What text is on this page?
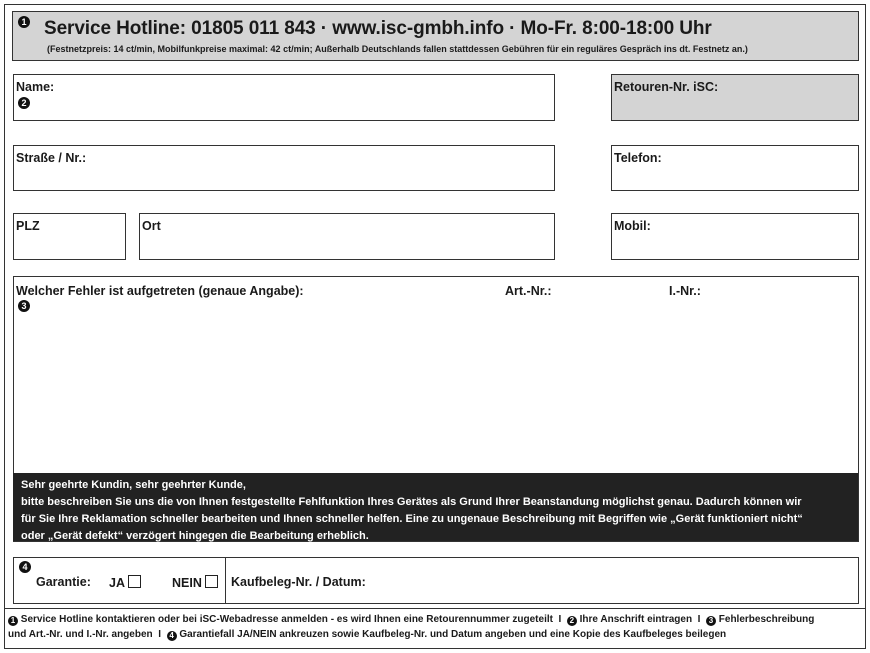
1 Service Hotline: 01805 011 843 · www.isc-gmbh.info · Mo-Fr. 8:00-18:00 Uhr
(Festnetzpreis: 14 ct/min, Mobilfunkpreise maximal: 42 ct/min; Außerhalb Deutschlands fallen stattdessen Gebühren für ein reguläres Gespräch ins dt. Festnetz an.)
Name:
2
Retouren-Nr. iSC:
Straße / Nr.:	Telefon:
PLZ	Ort	Mobil:
Welcher Fehler ist aufgetreten (genaue Angabe):
3
Art.-Nr.:	I.-Nr.:
Sehr geehrte Kundin, sehr geehrter Kunde,
bitte beschreiben Sie uns die von Ihnen festgestellte Fehlfunktion Ihres Gerätes als Grund Ihrer Beanstandung möglichst genau. Dadurch können wir
für Sie Ihre Reklamation schneller bearbeiten und Ihnen schneller helfen. Eine zu ungenaue Beschreibung mit Begriffen wie „Gerät funktioniert nicht“
oder „Gerät defekt“ verzögert hingegen die Bearbeitung erheblich.
4
Garantie: JA	NEIN	Kaufbeleg-Nr. / Datum:
1 Service Hotline kontaktieren oder bei iSC-Webadresse anmelden - es wird Ihnen eine Retourennummer zugeteilt I 2 Ihre Anschrift eintragen I 3 Fehlerbeschreibung
und Art.-Nr. und I.-Nr. angeben I 4 Garantiefall JA/NEIN ankreuzen sowie Kaufbeleg-Nr. und Datum angeben und eine Kopie des Kaufbeleges beilegen
